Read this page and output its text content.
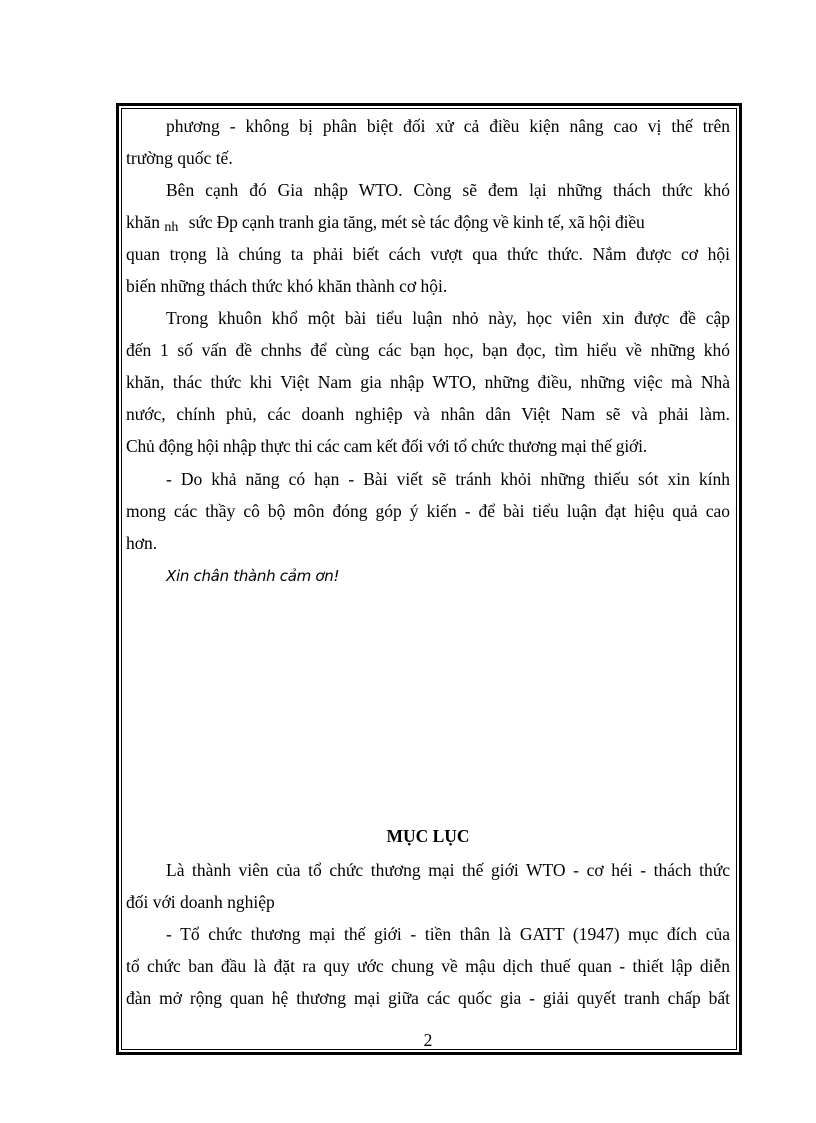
phương - không bị phân biệt đối xử cả điều kiện nâng cao vị thế trên
trường quốc tế.
Bên cạnh đó Gia nhập WTO. Còng sẽ đem lại những thách thức khó
khăn $_{nh}$ sức Đp cạnh tranh gia tăng, mét sè tác động về kinh tế, xã hội điều
quan trọng là chúng ta phải biết cách vượt qua thức thức. Nắm được cơ hội
biến những thách thức khó khăn thành cơ hội.
Trong khuôn khổ một bài tiểu luận nhỏ này, học viên xin được đề cập
đến 1 số vấn đề chnhs để cùng các bạn học, bạn đọc, tìm hiểu về những khó
khăn, thác thức khi Việt Nam gia nhập WTO, những điều, những việc mà Nhà
nước, chính phủ, các doanh nghiệp và nhân dân Việt Nam sẽ và phải làm.
Chủ động hội nhập thực thi các cam kết đối với tổ chức thương mại thế giới.
- Do khả năng có hạn - Bài viết sẽ tránh khỏi những thiếu sót xin kính
mong các thầy cô bộ môn đóng góp ý kiến - để bài tiểu luận đạt hiệu quả cao
hơn.
Xin chân thành cảm ơn!
MỤC LỤC
Là thành viên của tổ chức thương mại thế giới WTO - cơ héi - thách thức
đối với doanh nghiệp
- Tổ chức thương mại thế giới - tiền thân là GATT (1947) mục đích của
tổ chức ban đầu là đặt ra quy ước chung về mậu dịch thuế quan - thiết lập diễn
đàn mở rộng quan hệ thương mại giữa các quốc gia - giải quyết tranh chấp bất
2
